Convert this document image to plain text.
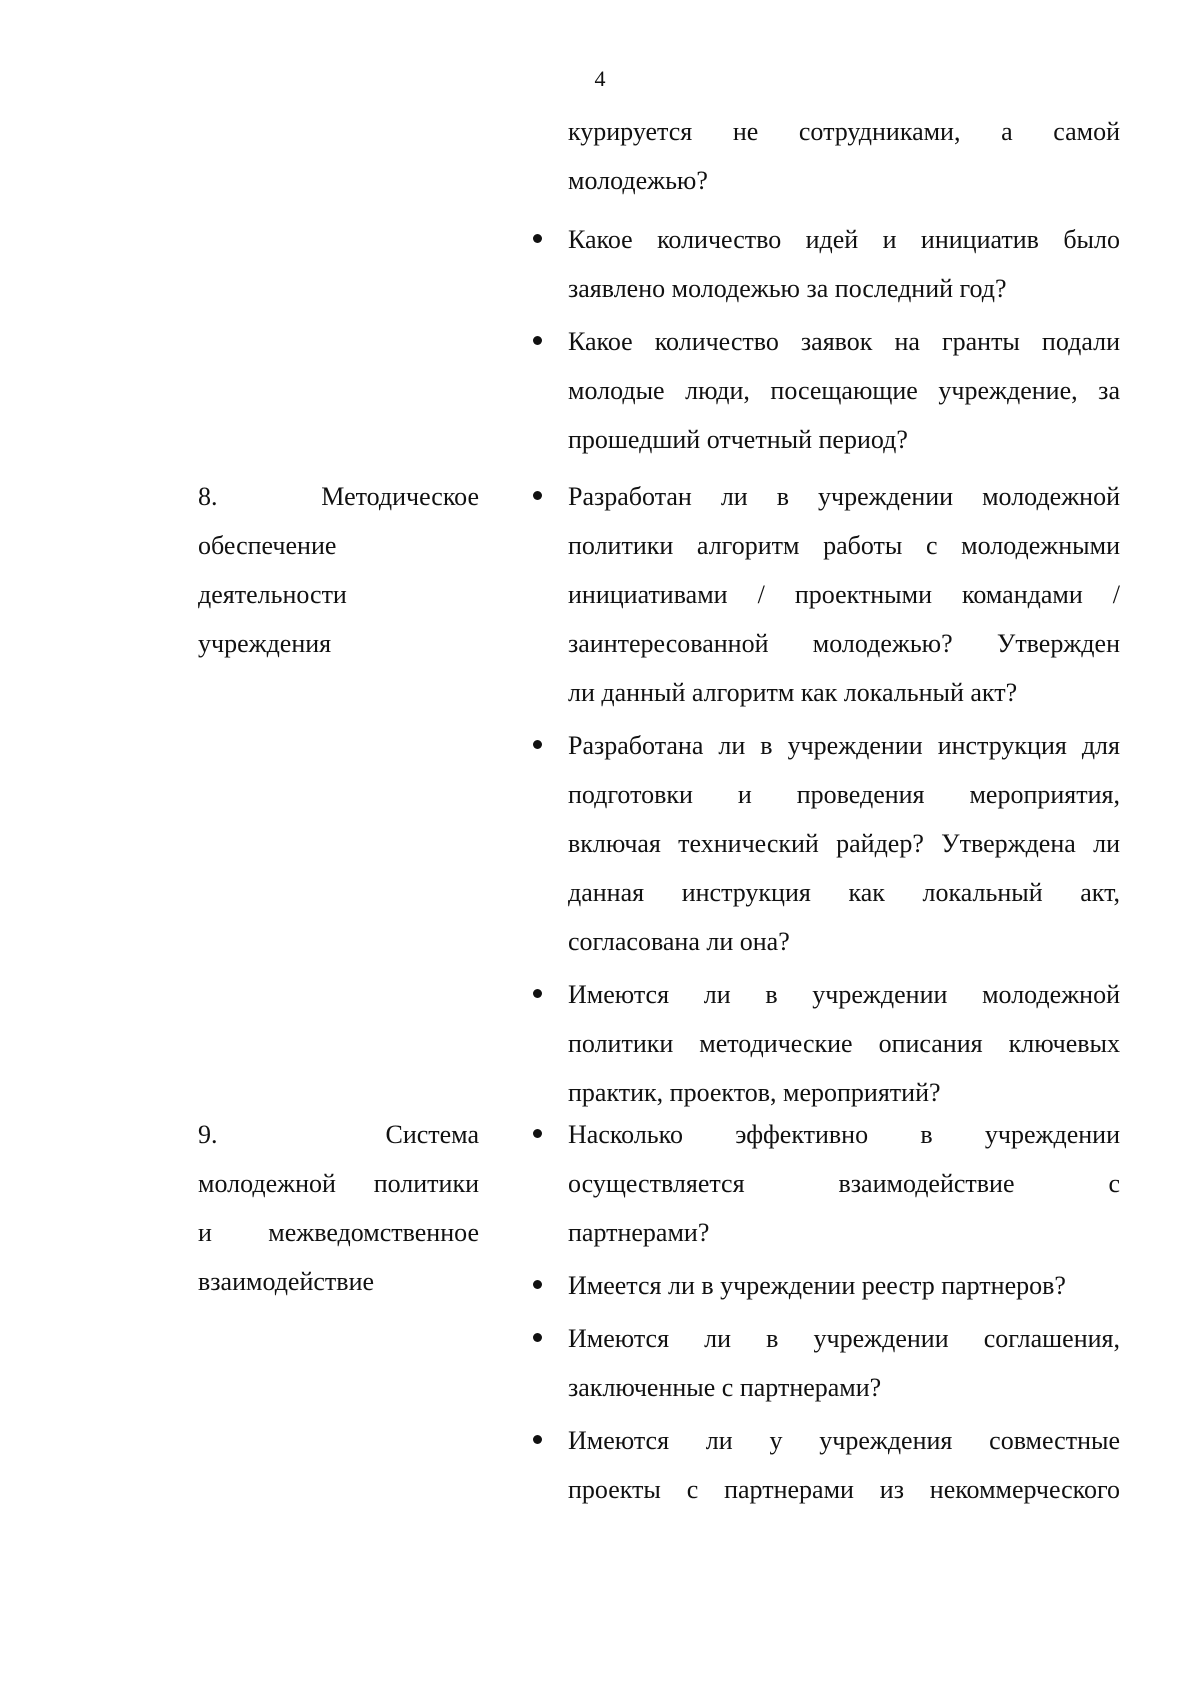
4
курируется не сотрудниками, а самой
молодежью?
Какое количество идей и инициатив было
заявлено молодежью за последний год?
Какое количество заявок на гранты подали
молодые люди, посещающие учреждение, за
прошедший отчетный период?
8. Методическое
обеспечение
деятельности
учреждения
Разработан ли в учреждении молодежной
политики алгоритм работы с молодежными
инициативами / проектными командами /
заинтересованной молодежью? Утвержден
ли данный алгоритм как локальный акт?
Разработана ли в учреждении инструкция для
подготовки и проведения мероприятия,
включая технический райдер? Утверждена ли
данная инструкция как локальный акт,
согласована ли она?
Имеются ли в учреждении молодежной
политики методические описания ключевых
практик, проектов, мероприятий?
9. Система
молодежной политики
и межведомственное
взаимодействие
Насколько эффективно в учреждении
осуществляется взаимодействие с
партнерами?
Имеется ли в учреждении реестр партнеров?
Имеются ли в учреждении соглашения,
заключенные с партнерами?
Имеются ли у учреждения совместные
проекты с партнерами из некоммерческого
